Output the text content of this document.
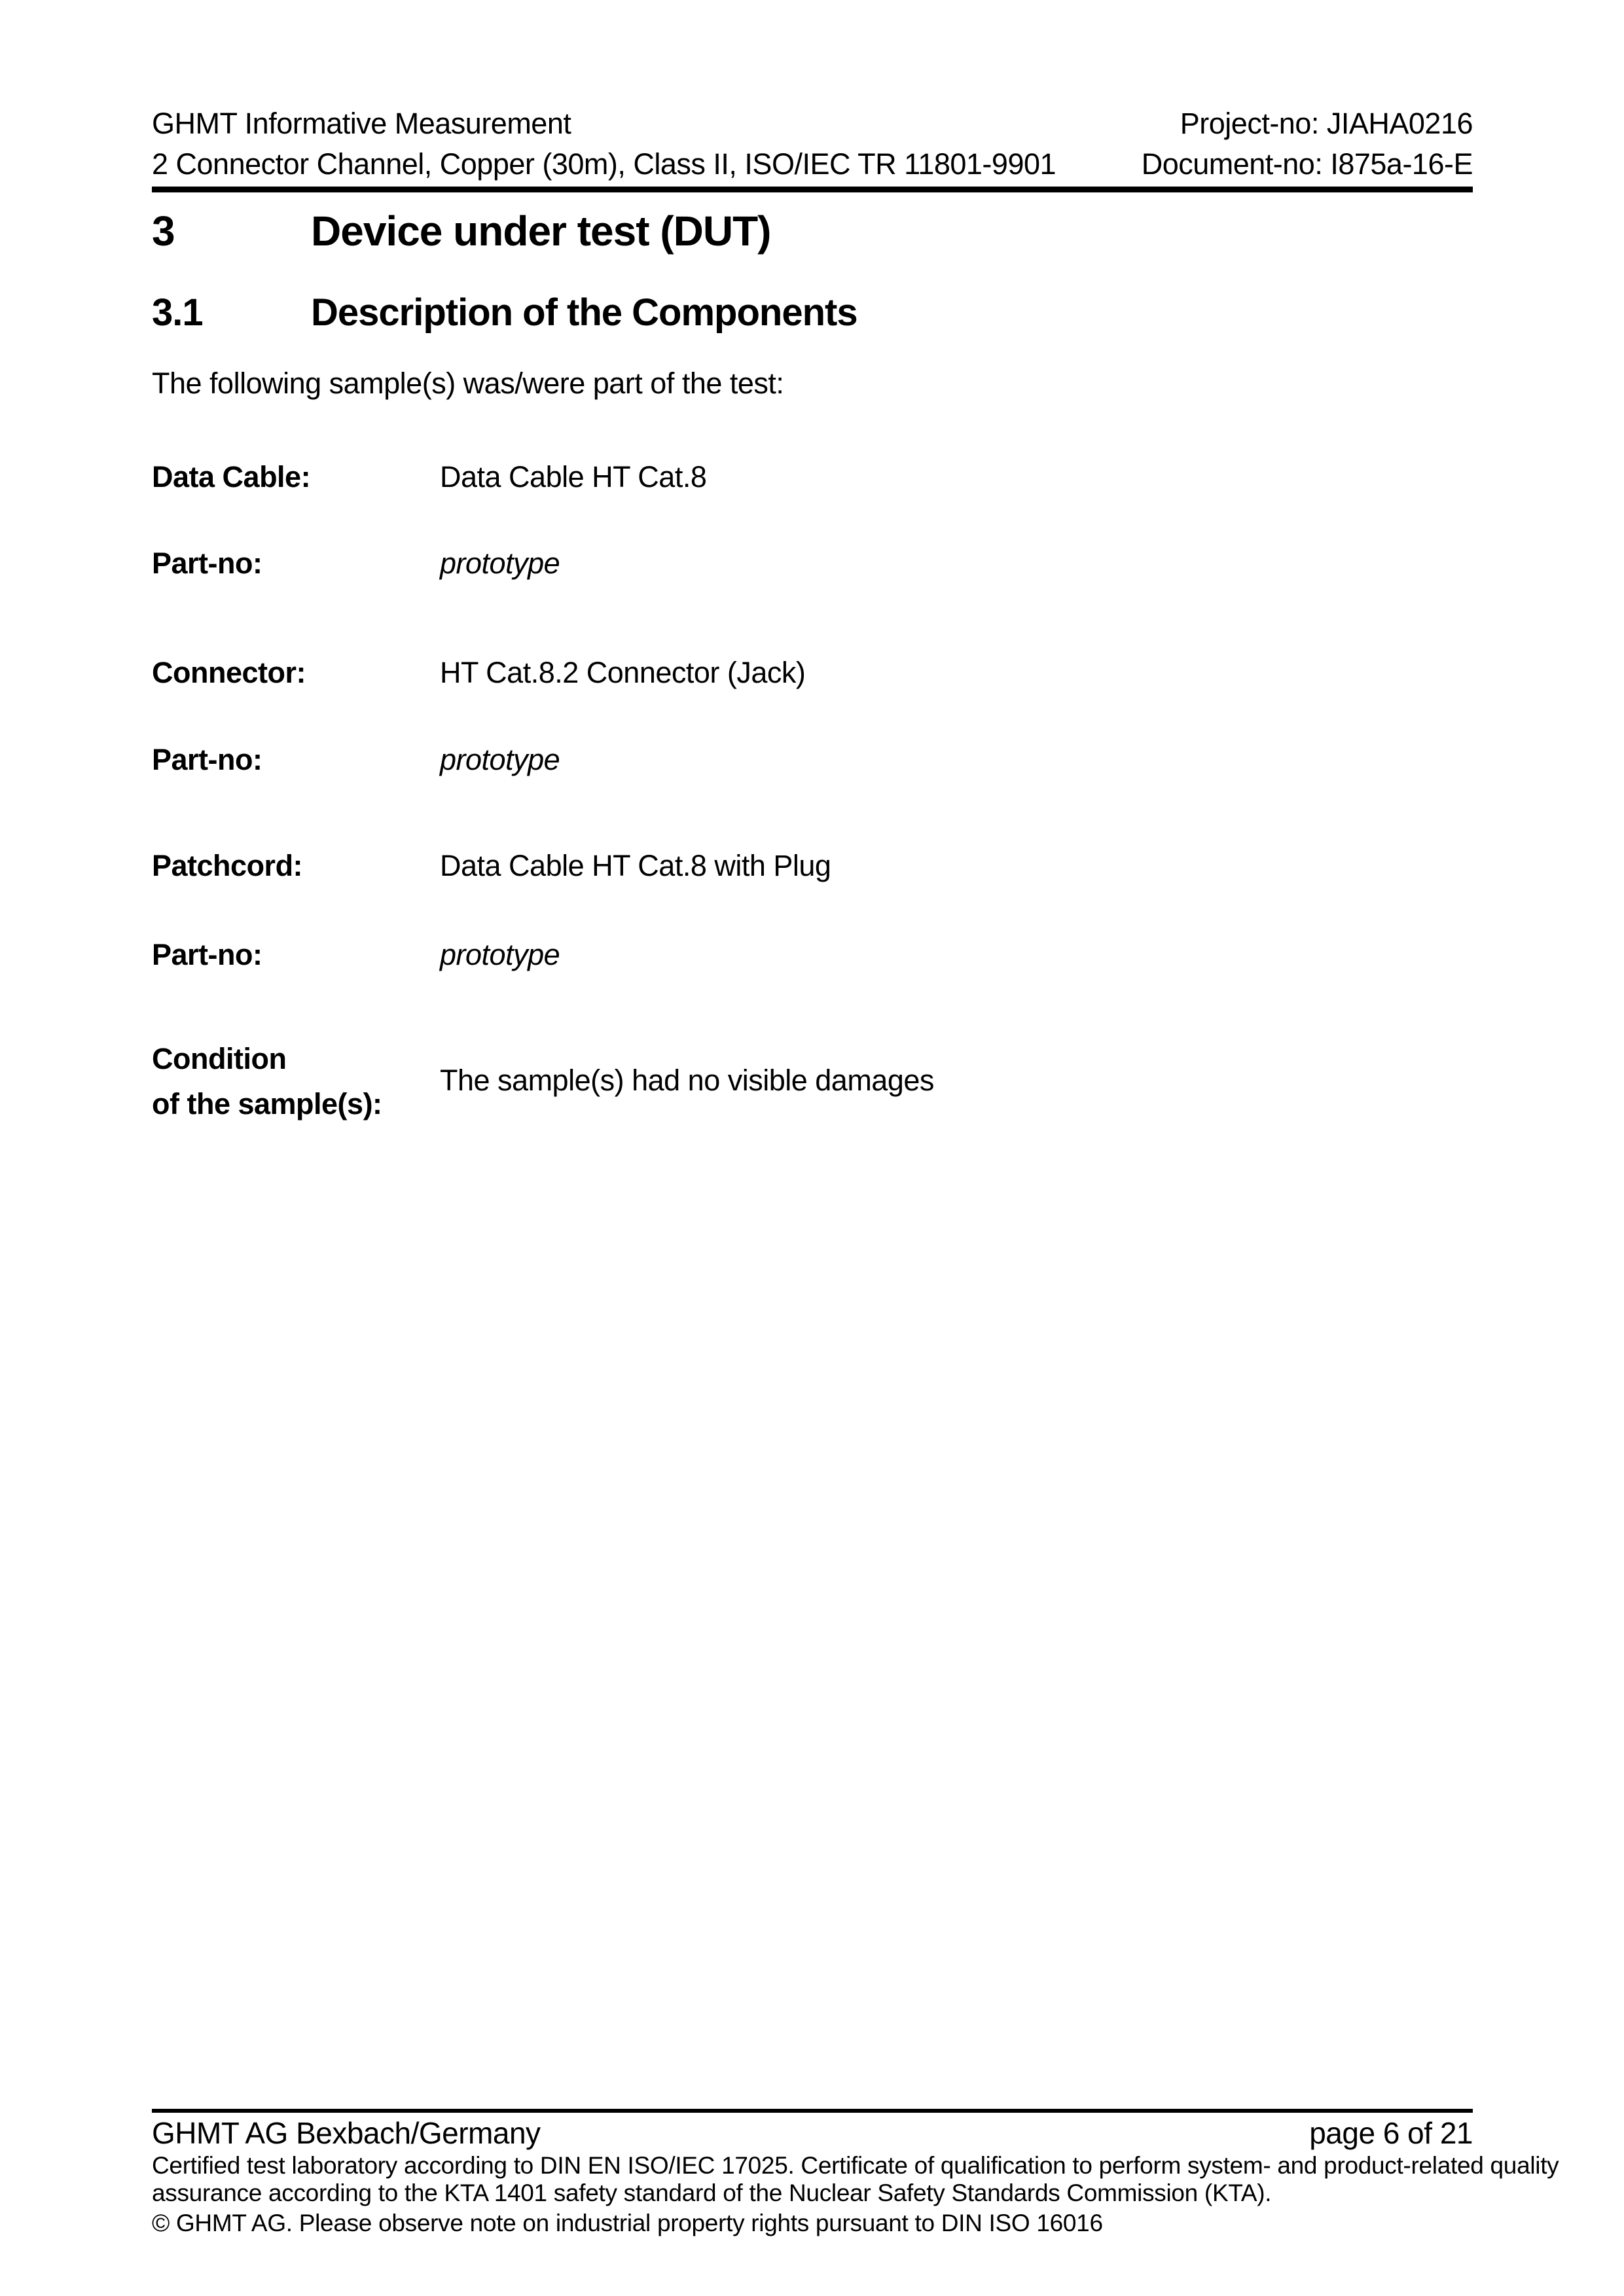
GHMT Informative Measurement	Project-no: JIAHA0216
2 Connector Channel, Copper (30m), Class II, ISO/IEC TR 11801-9901	Document-no: I875a-16-E
3	Device under test (DUT)
3.1	Description of the Components
The following sample(s) was/were part of the test:
Data Cable:	Data Cable HT Cat.8
Part-no:	prototype
Connector:	HT Cat.8.2 Connector (Jack)
Part-no:	prototype
Patchcord:	Data Cable HT Cat.8 with Plug
Part-no:	prototype
Condition
of the sample(s):
The sample(s) had no visible damages
GHMT AG Bexbach/Germany	page 6 of 21
Certified test laboratory according to DIN EN ISO/IEC 17025. Certificate of qualification to perform system- and product-related quality
assurance according to the KTA 1401 safety standard of the Nuclear Safety Standards Commission (KTA).
© GHMT AG. Please observe note on industrial property rights pursuant to DIN ISO 16016
